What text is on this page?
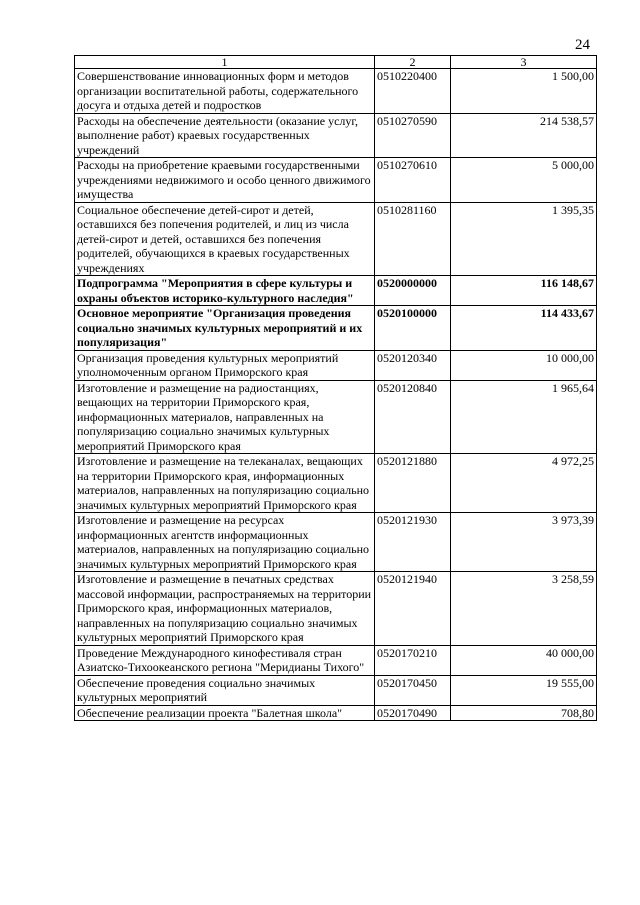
24
1	2	3
Совершенствование инновационных форм и методов организации воспитательной работы, содержательного досуга и отдыха детей и подростков	0510220400	1 500,00
Расходы на обеспечение деятельности (оказание услуг, выполнение работ) краевых государственных учреждений	0510270590	214 538,57
Расходы на приобретение краевыми государственными учреждениями недвижимого и особо ценного движимого имущества	0510270610	5 000,00
Социальное обеспечение детей-сирот и детей, оставшихся без попечения родителей, и лиц из числа детей-сирот и детей, оставшихся без попечения родителей, обучающихся в краевых государственных учреждениях	0510281160	1 395,35
Подпрограмма "Мероприятия в сфере культуры и охраны объектов историко-культурного наследия"	0520000000	116 148,67
Основное мероприятие "Организация проведения социально значимых культурных мероприятий и их популяризация"	0520100000	114 433,67
Организация проведения культурных мероприятий уполномоченным органом Приморского края	0520120340	10 000,00
Изготовление и размещение на радиостанциях, вещающих на территории Приморского края, информационных материалов, направленных на популяризацию социально значимых культурных мероприятий Приморского края	0520120840	1 965,64
Изготовление и размещение на телеканалах, вещающих на территории Приморского края, информационных материалов, направленных на популяризацию социально значимых культурных мероприятий Приморского края	0520121880	4 972,25
Изготовление и размещение на ресурсах информационных агентств информационных материалов, направленных на популяризацию социально значимых культурных мероприятий Приморского края	0520121930	3 973,39
Изготовление и размещение в печатных средствах массовой информации, распространяемых на территории Приморского края, информационных материалов, направленных на популяризацию социально значимых культурных мероприятий Приморского края	0520121940	3 258,59
Проведение Международного кинофестиваля стран Азиатско-Тихоокеанского региона "Меридианы Тихого"	0520170210	40 000,00
Обеспечение проведения социально значимых культурных мероприятий	0520170450	19 555,00
Обеспечение реализации проекта "Балетная школа"	0520170490	708,80
